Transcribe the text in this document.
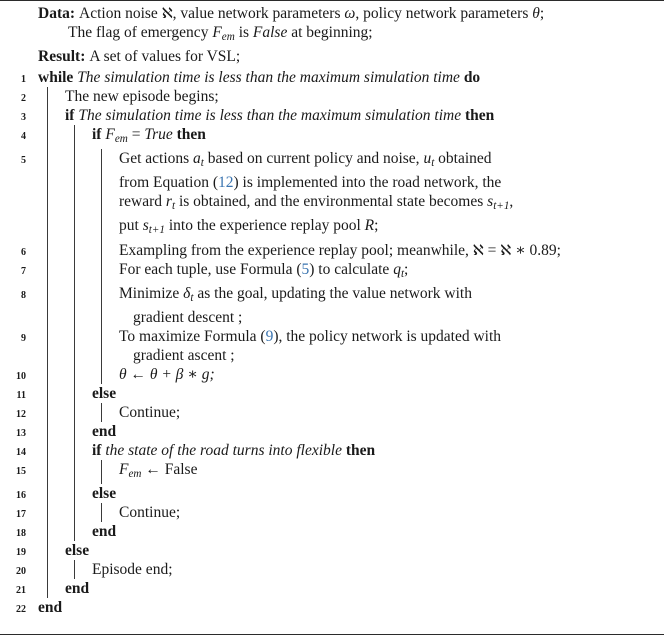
Data: Action noise ℵ, value network parameters ω, policy network parameters θ;
The flag of emergency $F_{em}$ is False at beginning;
Result: A set of values for VSL;
1 while The simulation time is less than the maximum simulation time do
2	The new episode begins;
3	if The simulation time is less than the maximum simulation time then
4	if $F_{em}$ = True then
5	Get actions $a_t$ based on current policy and noise, $u_t$ obtained from Equation (12) is implemented into the road network, the reward $r_t$ is obtained, and the environmental state becomes $s_{t+1}$, put $s_{t+1}$ into the experience replay pool R;
6	Exampling from the experience replay pool; meanwhile, ℵ = ℵ ∗ 0.89;
7	For each tuple, use Formula (5) to calculate $q_t$;
8	Minimize $\delta_t$ as the goal, updating the value network with
gradient descent ;
9	To maximize Formula (9), the policy network is updated with
gradient ascent ;
10	θ ← θ + β ∗ g;
11	else
12	Continue;
13	end
14	if the state of the road turns into flexible then
15	$F_{em}$ ← False
16	else
17	Continue;
18	end
19	else
20	Episode end;
21	end
22 end
